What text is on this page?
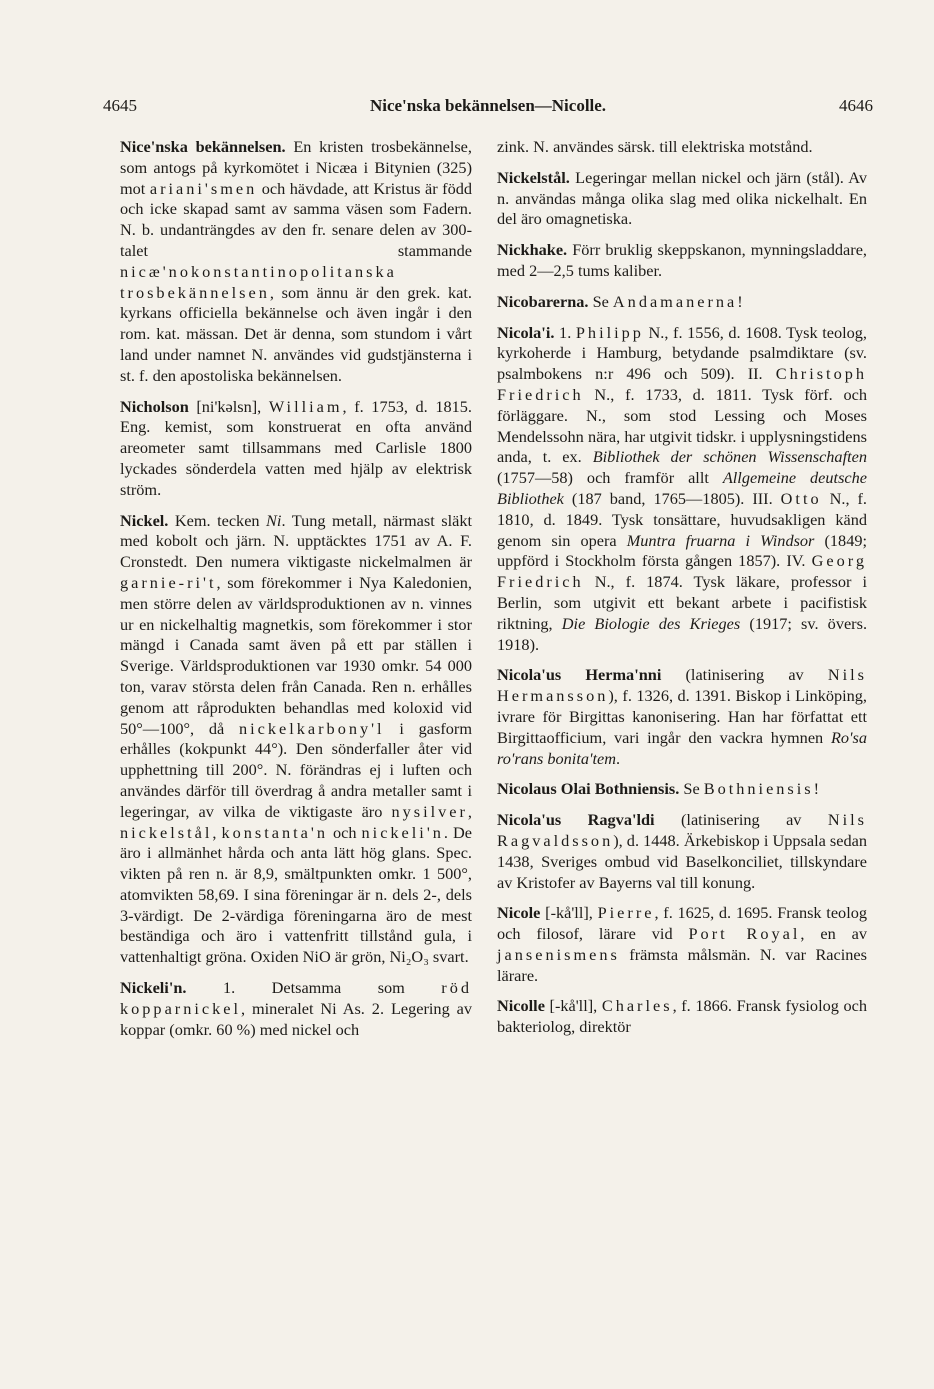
4645	Nice'nska bekännelsen—Nicolle.	4646

Nice'nska bekännelsen. En kristen trosbekännelse, som antogs på kyrkomötet i Nicæa i Bitynien (325) mot ariani'smen och hävdade, att Kristus är född och icke skapad samt av samma väsen som Fadern. N. b. undanträngdes av den fr. senare delen av 300-talet stammande nicæ'nokonstantinopolitanska trosbekännelsen, som ännu är den grek. kat. kyrkans officiella bekännelse och även ingår i den rom. kat. mässan. Det är denna, som stundom i vårt land under namnet N. användes vid gudstjänsterna i st. f. den apostoliska bekännelsen.

Nicholson [ni'kəlsn], William, f. 1753, d. 1815. Eng. kemist, som konstruerat en ofta använd areometer samt tillsammans med Carlisle 1800 lyckades sönderdela vatten med hjälp av elektrisk ström.

Nickel. Kem. tecken Ni. Tung metall, närmast släkt med kobolt och järn. N. upptäcktes 1751 av A. F. Cronstedt. Den numera viktigaste nickelmalmen är garnie-ri't, som förekommer i Nya Kaledonien, men större delen av världsproduktionen av n. vinnes ur en nickelhaltig magnetkis, som förekommer i stor mängd i Canada samt även på ett par ställen i Sverige. Världsproduktionen var 1930 omkr. 54 000 ton, varav största delen från Canada. Ren n. erhålles genom att råprodukten behandlas med koloxid vid 50°—100°, då nickelkarbony'l i gasform erhålles (kokpunkt 44°). Den sönderfaller åter vid upphettning till 200°. N. förändras ej i luften och användes därför till överdrag å andra metaller samt i legeringar, av vilka de viktigaste äro nysilver, nickelstål, konstanta'n och nickeli'n. De äro i allmänhet hårda och anta lätt hög glans. Spec. vikten på ren n. är 8,9, smältpunkten omkr. 1 500°, atomvikten 58,69. I sina föreningar är n. dels 2-, dels 3-värdigt. De 2-värdiga föreningarna äro de mest beständiga och äro i vattenfritt tillstånd gula, i vattenhaltigt gröna. Oxiden NiO är grön, Ni₂O₃ svart.

Nickeli'n. 1. Detsamma som röd kopparnickel, mineralet Ni As. 2. Legering av koppar (omkr. 60 %) med nickel och

zink. N. användes särsk. till elektriska motstånd.

Nickelstål. Legeringar mellan nickel och järn (stål). Av n. användas många olika slag med olika nickelhalt. En del äro omagnetiska.

Nickhake. Förr bruklig skeppskanon, mynningsladdare, med 2—2,5 tums kaliber.

Nicobarerna. Se Andamanerna!

Nicola'i. 1. Philipp N., f. 1556, d. 1608. Tysk teolog, kyrkoherde i Hamburg, betydande psalmdiktare (sv. psalmbokens n:r 496 och 509). II. Christoph Friedrich N., f. 1733, d. 1811. Tysk förf. och förläggare. N., som stod Lessing och Moses Mendelssohn nära, har utgivit tidskr. i upplysningstidens anda, t. ex. Bibliothek der schönen Wissenschaften (1757—58) och framför allt Allgemeine deutsche Bibliothek (187 band, 1765—1805). III. Otto N., f. 1810, d. 1849. Tysk tonsättare, huvudsakligen känd genom sin opera Muntra fruarna i Windsor (1849; uppförd i Stockholm första gången 1857). IV. Georg Friedrich N., f. 1874. Tysk läkare, professor i Berlin, som utgivit ett bekant arbete i pacifistisk riktning, Die Biologie des Krieges (1917; sv. övers. 1918).

Nicola'us Herma'nni (latinisering av Nils Hermansson), f. 1326, d. 1391. Biskop i Linköping, ivrare för Birgittas kanonisering. Han har författat ett Birgittaofficium, vari ingår den vackra hymnen Ro'sa ro'rans bonita'tem.

Nicolaus Olai Bothniensis. Se Bothniensis!

Nicola'us Ragva'ldi (latinisering av Nils Ragvaldsson), d. 1448. Ärkebiskop i Uppsala sedan 1438, Sveriges ombud vid Baselkonciliet, tillskyndare av Kristofer av Bayerns val till konung.

Nicole [-kå'll], Pierre, f. 1625, d. 1695. Fransk teolog och filosof, lärare vid Port Royal, en av jansenismens främsta målsmän. N. var Racines lärare.

Nicolle [-kå'll], Charles, f. 1866. Fransk fysiolog och bakteriolog, direktör
